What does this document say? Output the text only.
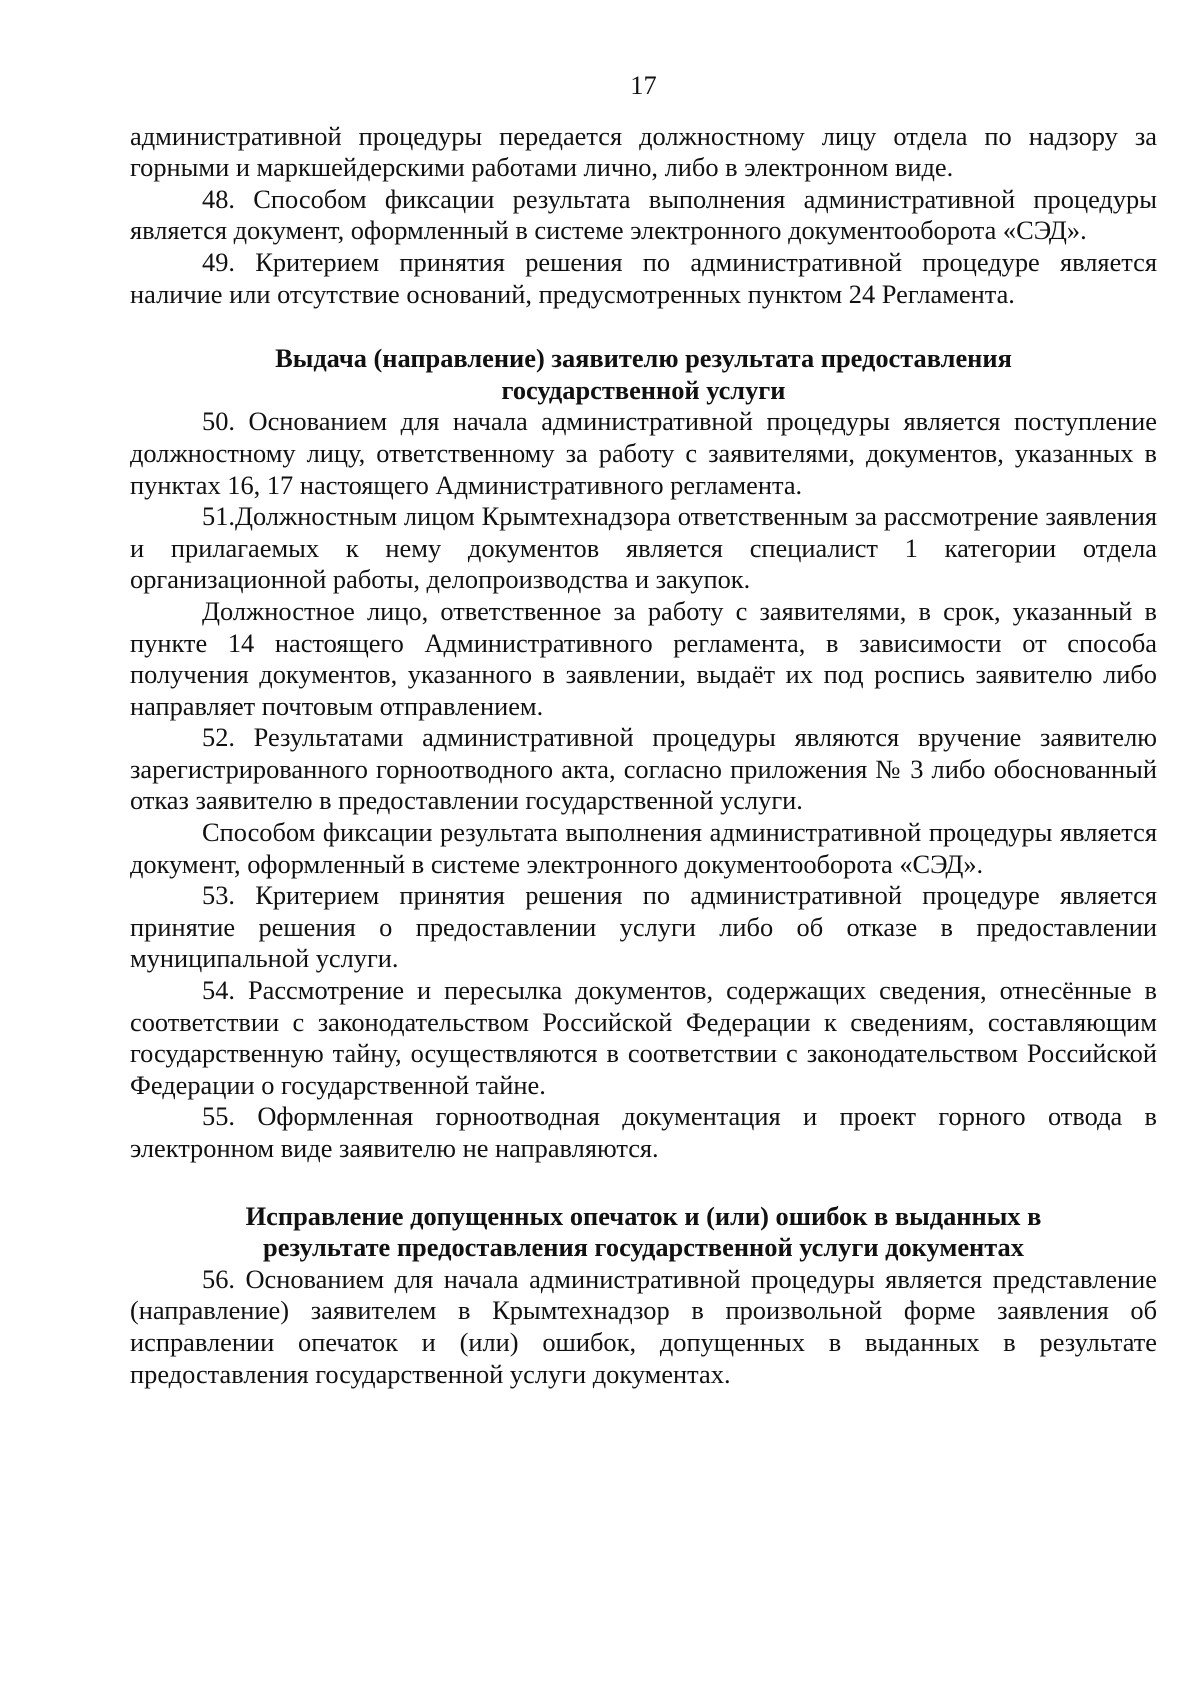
17

административной процедуры передается должностному лицу отдела по надзору за горными и маркшейдерскими работами лично, либо в электронном виде.

48. Способом фиксации результата выполнения административной процедуры является документ, оформленный в системе электронного документооборота «СЭД».

49. Критерием принятия решения по административной процедуре является наличие или отсутствие оснований, предусмотренных пунктом 24 Регламента.

Выдача (направление) заявителю результата предоставления государственной услуги

50. Основанием для начала административной процедуры является поступление должностному лицу, ответственному за работу с заявителями, документов, указанных в пунктах 16, 17 настоящего Административного регламента.

51.Должностным лицом Крымтехнадзора ответственным за рассмотрение заявления и прилагаемых к нему документов является специалист 1 категории отдела организационной работы, делопроизводства и закупок.

Должностное лицо, ответственное за работу с заявителями, в срок, указанный в пункте 14 настоящего Административного регламента, в зависимости от способа получения документов, указанного в заявлении, выдаёт их под роспись заявителю либо направляет почтовым отправлением.

52. Результатами административной процедуры являются вручение заявителю зарегистрированного горноотводного акта, согласно приложения № 3 либо обоснованный отказ заявителю в предоставлении государственной услуги.

Способом фиксации результата выполнения административной процедуры является документ, оформленный в системе электронного документооборота «СЭД».

53. Критерием принятия решения по административной процедуре является принятие решения о предоставлении услуги либо об отказе в предоставлении муниципальной услуги.

54. Рассмотрение и пересылка документов, содержащих сведения, отнесённые в соответствии с законодательством Российской Федерации к сведениям, составляющим государственную тайну, осуществляются в соответствии с законодательством Российской Федерации о государственной тайне.

55. Оформленная горноотводная документация и проект горного отвода в электронном виде заявителю не направляются.

Исправление допущенных опечаток и (или) ошибок в выданных в результате предоставления государственной услуги документах

56. Основанием для начала административной процедуры является представление (направление) заявителем в Крымтехнадзор в произвольной форме заявления об исправлении опечаток и (или) ошибок, допущенных в выданных в результате предоставления государственной услуги документах.
